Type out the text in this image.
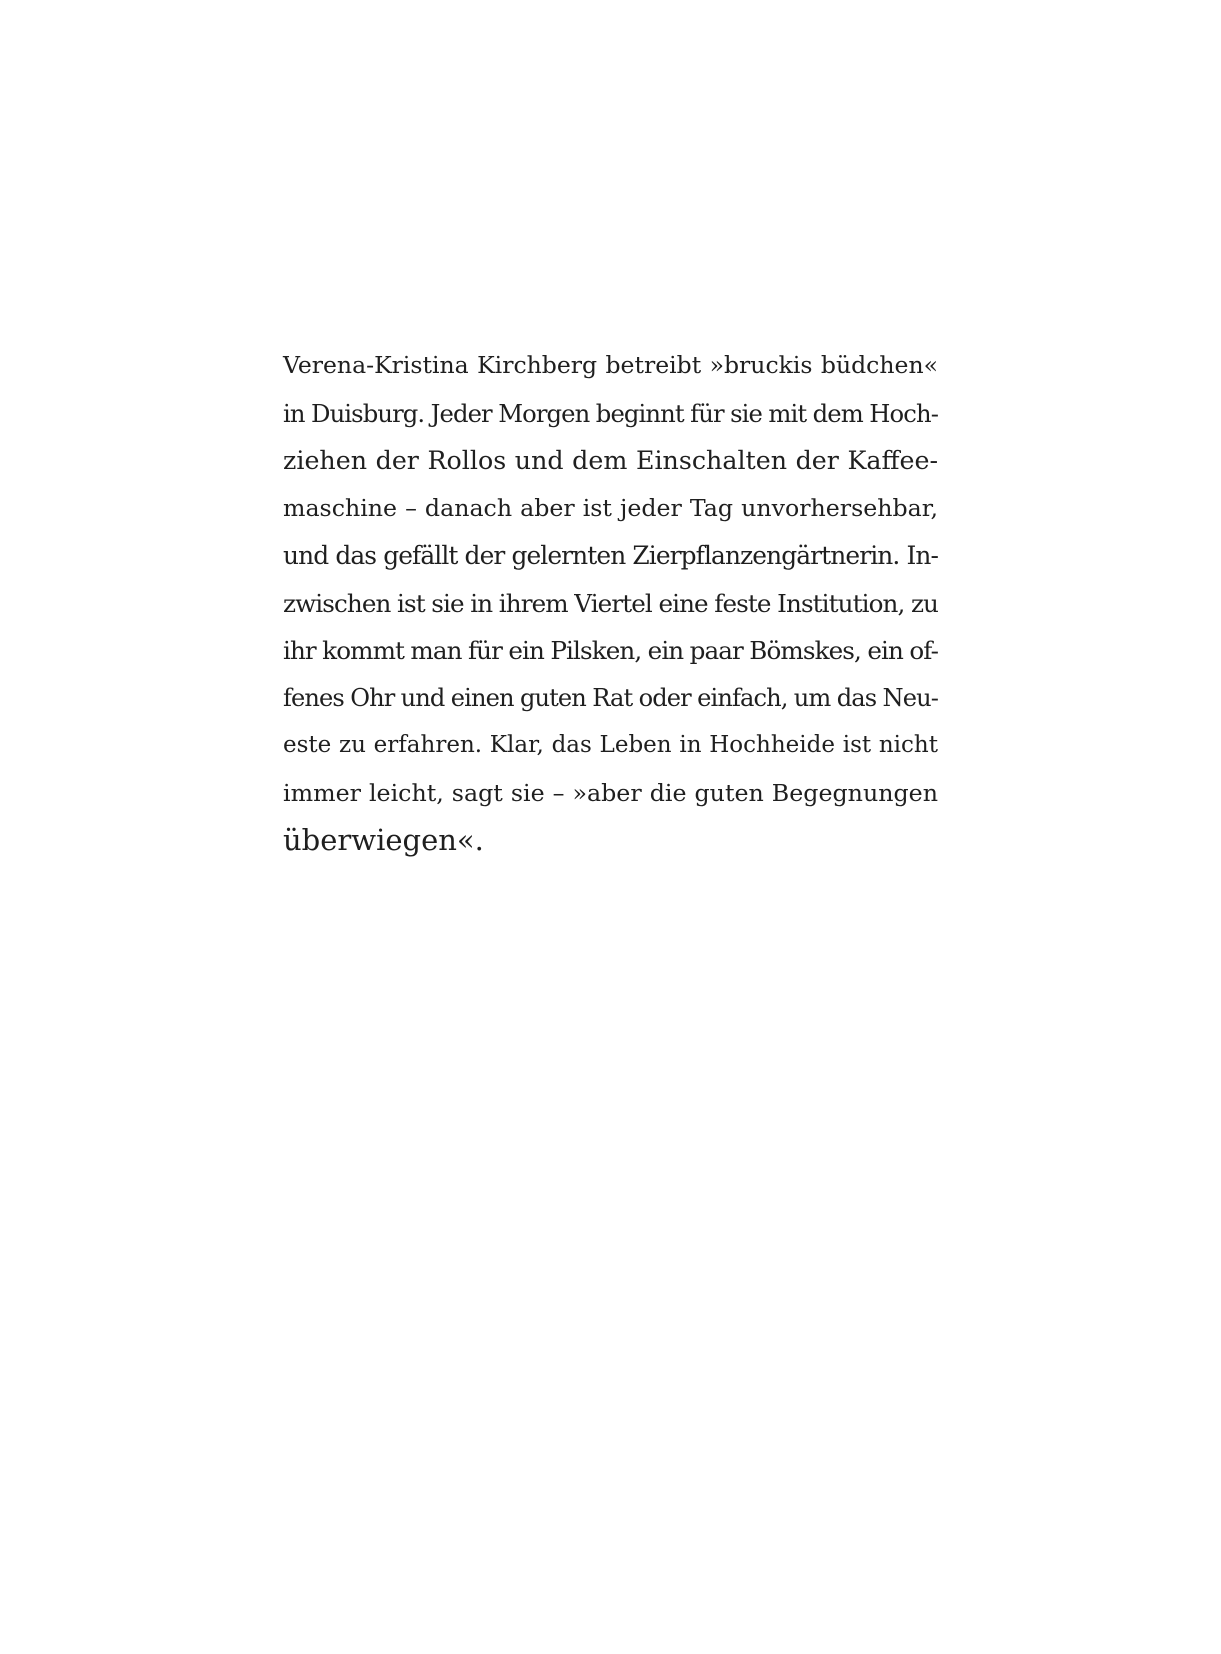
Verena-Kristina Kirchberg betreibt »bruckis büdchen«
in Duisburg. Jeder Morgen beginnt für sie mit dem Hoch-
ziehen der Rollos und dem Einschalten der Kaffee-
maschine – danach aber ist jeder Tag unvorhersehbar,
und das gefällt der gelernten Zierpflanzengärtnerin. In-
zwischen ist sie in ihrem Viertel eine feste Institution, zu
ihr kommt man für ein Pilsken, ein paar Bömskes, ein of-
fenes Ohr und einen guten Rat oder einfach, um das Neu-
este zu erfahren. Klar, das Leben in Hochheide ist nicht
immer leicht, sagt sie – »aber die guten Begegnungen
überwiegen«.
